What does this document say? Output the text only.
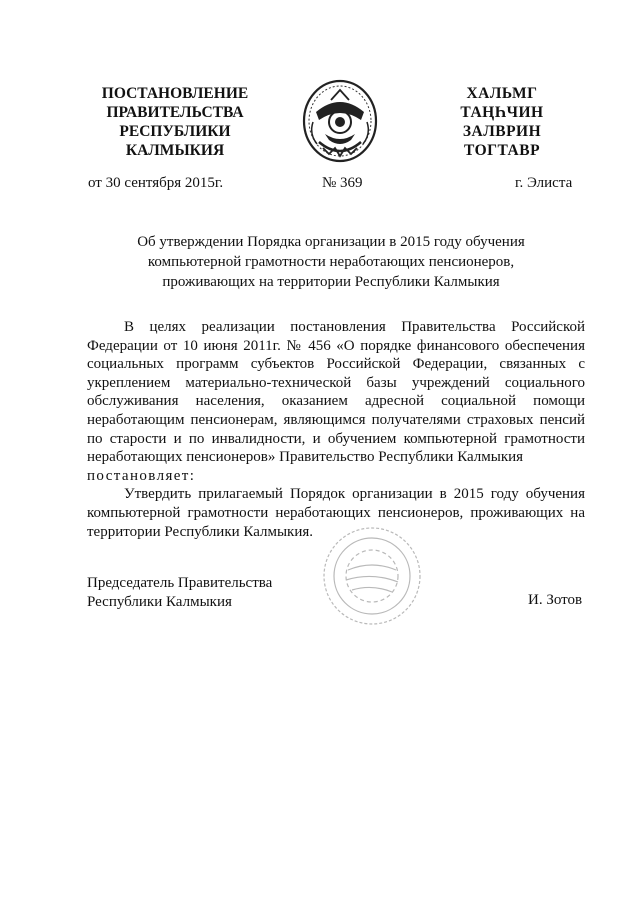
ПОСТАНОВЛЕНИЕ
ПРАВИТЕЛЬСТВА
РЕСПУБЛИКИ
КАЛМЫКИЯ
ХАЛЬМГ
ТАҢҺЧИН
ЗАЛВРИН
ТОГТАВР
от 30 сентября 2015г.	№ 369	г. Элиста
Об утверждении Порядка организации в 2015 году обучения
компьютерной грамотности неработающих пенсионеров,
проживающих на территории Республики Калмыкия

В целях реализации постановления Правительства Российской Федерации от 10 июня 2011г. № 456 «О порядке финансового обеспечения социальных программ субъектов Российской Федерации, связанных с укреплением материально-технической базы учреждений социального обслуживания населения, оказанием адресной социальной помощи неработающим пенсионерам, являющимся получателями страховых пенсий по старости и по инвалидности, и обучением компьютерной грамотности неработающих пенсионеров» Правительство Республики Калмыкия
постановляет:

Утвердить прилагаемый Порядок организации в 2015 году обучения компьютерной грамотности неработающих пенсионеров, проживающих на территории Республики Калмыкия.

Председатель Правительства
Республики Калмыкия	И. Зотов
